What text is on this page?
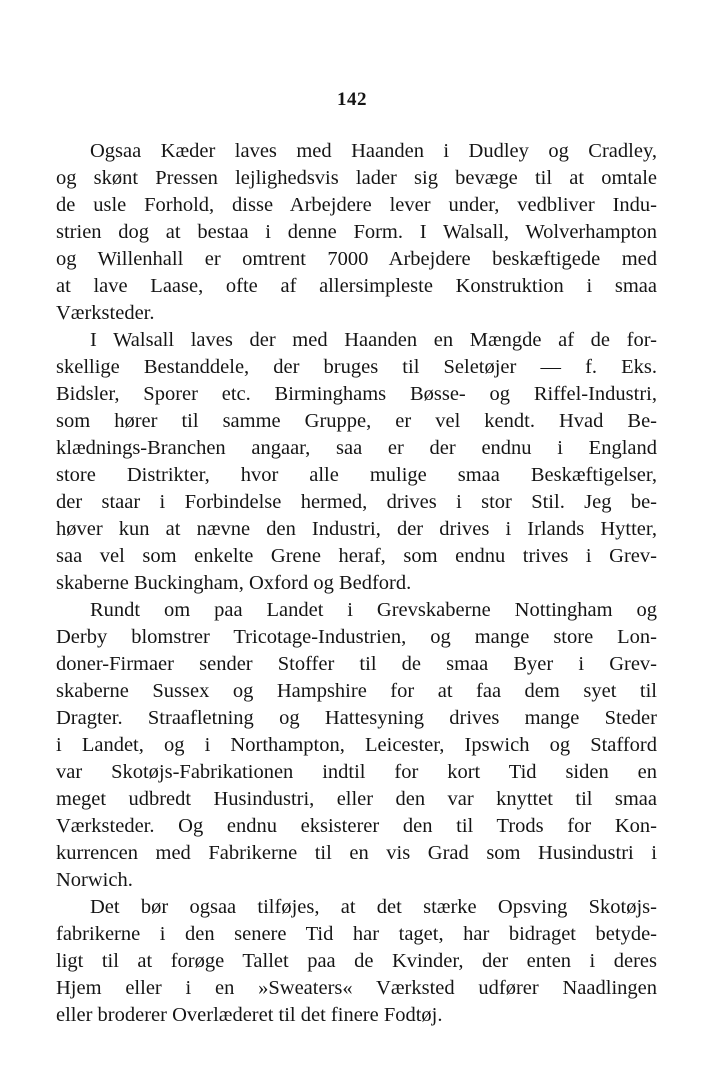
142
Ogsaa Kæder laves med Haanden i Dudley og Cradley,
og skønt Pressen lejlighedsvis lader sig bevæge til at omtale
de usle Forhold, disse Arbejdere lever under, vedbliver Indu-
strien dog at bestaa i denne Form. I Walsall, Wolverhampton
og Willenhall er omtrent 7000 Arbejdere beskæftigede med
at lave Laase, ofte af allersimpleste Konstruktion i smaa
Værksteder.
I Walsall laves der med Haanden en Mængde af de for-
skellige Bestanddele, der bruges til Seletøjer — f. Eks.
Bidsler, Sporer etc. Birminghams Bøsse- og Riffel-Industri,
som hører til samme Gruppe, er vel kendt. Hvad Be-
klædnings-Branchen angaar, saa er der endnu i England
store Distrikter, hvor alle mulige smaa Beskæftigelser,
der staar i Forbindelse hermed, drives i stor Stil. Jeg be-
høver kun at nævne den Industri, der drives i Irlands Hytter,
saa vel som enkelte Grene heraf, som endnu trives i Grev-
skaberne Buckingham, Oxford og Bedford.
Rundt om paa Landet i Grevskaberne Nottingham og
Derby blomstrer Tricotage-Industrien, og mange store Lon-
doner-Firmaer sender Stoffer til de smaa Byer i Grev-
skaberne Sussex og Hampshire for at faa dem syet til
Dragter. Straafletning og Hattesyning drives mange Steder
i Landet, og i Northampton, Leicester, Ipswich og Stafford
var Skotøjs-Fabrikationen indtil for kort Tid siden en
meget udbredt Husindustri, eller den var knyttet til smaa
Værksteder. Og endnu eksisterer den til Trods for Kon-
kurrencen med Fabrikerne til en vis Grad som Husindustri i
Norwich.
Det bør ogsaa tilføjes, at det stærke Opsving Skotøjs-
fabrikerne i den senere Tid har taget, har bidraget betyde-
ligt til at forøge Tallet paa de Kvinder, der enten i deres
Hjem eller i en »Sweaters« Værksted udfører Naadlingen
eller broderer Overlæderet til det finere Fodtøj.
